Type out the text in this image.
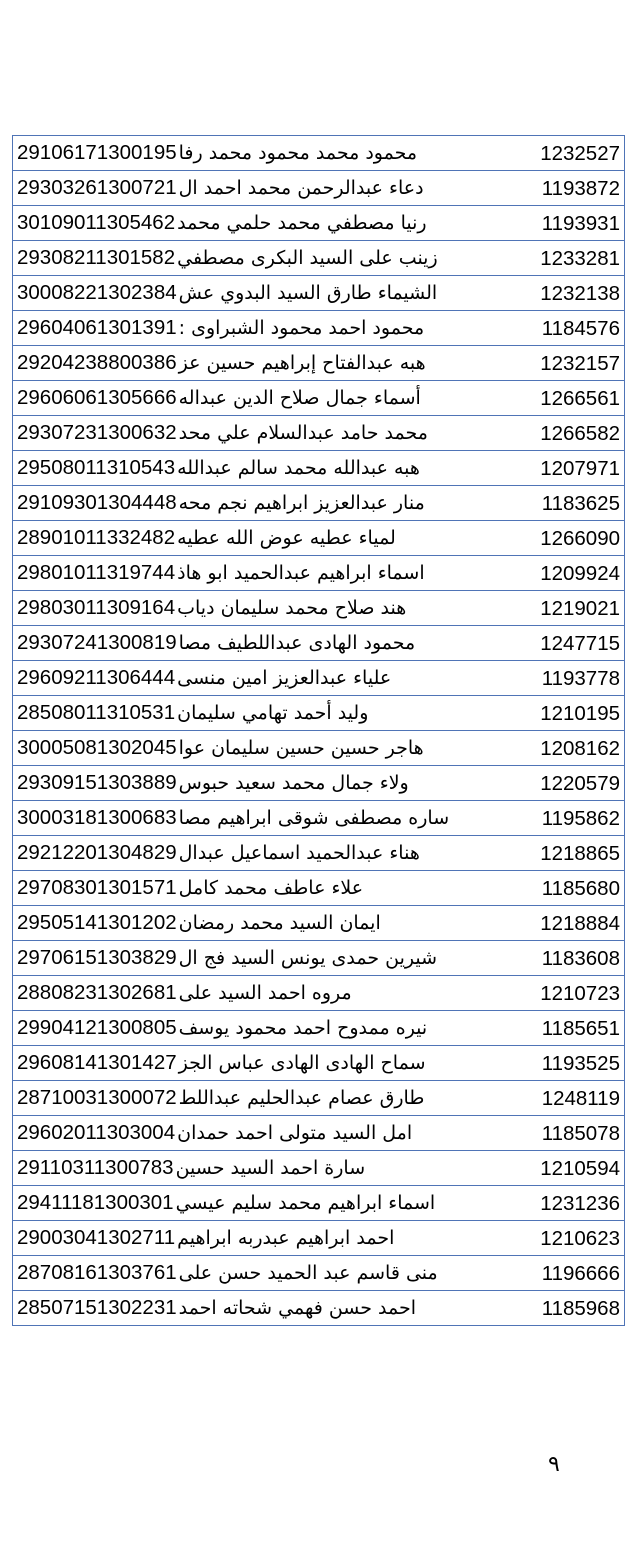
29106171300195 محمود محمد محمود محمد رفا	1232527
29303261300721 دعاء عبدالرحمن محمد احمد ال	1193872
30109011305462 رنيا مصطفي محمد حلمي محمد	1193931
29308211301582 زينب على السيد البكرى مصطفي	1233281
30008221302384 الشيماء طارق السيد البدوي عش	1232138
29604061301391 محمود احمد محمود الشبراوى :	1184576
29204238800386 هبه عبدالفتاح إبراهيم حسين عز	1232157
29606061305666 أسماء جمال صلاح الدين عبداله	1266561
29307231300632 محمد حامد عبدالسلام علي محد	1266582
29508011310543 هبه عبدالله محمد سالم عبدالله	1207971
29109301304448 منار عبدالعزيز ابراهيم نجم محه	1183625
28901011332482 لمياء عطيه عوض الله عطيه	1266090
29801011319744 اسماء ابراهيم عبدالحميد ابو هاذ	1209924
29803011309164 هند صلاح محمد سليمان دياب	1219021
29307241300819 محمود الهادى عبداللطيف مصا	1247715
29609211306444 علياء عبدالعزيز امين منسى	1193778
28508011310531 وليد أحمد تهامي سليمان	1210195
30005081302045 هاجر حسين حسين سليمان عوا	1208162
29309151303889 ولاء جمال محمد سعيد حبوس	1220579
30003181300683 ساره مصطفى شوقى ابراهيم مصا	1195862
29212201304829 هناء عبدالحميد اسماعيل عبدال	1218865
29708301301571 علاء عاطف محمد كامل	1185680
29505141301202 ايمان السيد محمد رمضان	1218884
29706151303829 شيرين حمدى يونس السيد فج ال	1183608
28808231302681 مروه احمد السيد على	1210723
29904121300805 نيره ممدوح احمد محمود يوسف	1185651
29608141301427 سماح الهادى الهادى عباس الجز	1193525
28710031300072 طارق عصام عبدالحليم عبداللط	1248119
29602011303004 امل السيد متولى احمد حمدان	1185078
29110311300783 سارة احمد السيد حسين	1210594
29411181300301 اسماء ابراهيم محمد سليم عيسي	1231236
29003041302711 احمد ابراهيم عبدربه ابراهيم	1210623
28708161303761 منى قاسم عبد الحميد حسن على	1196666
28507151302231 احمد حسن فهمي شحاته احمد	1185968
٩
